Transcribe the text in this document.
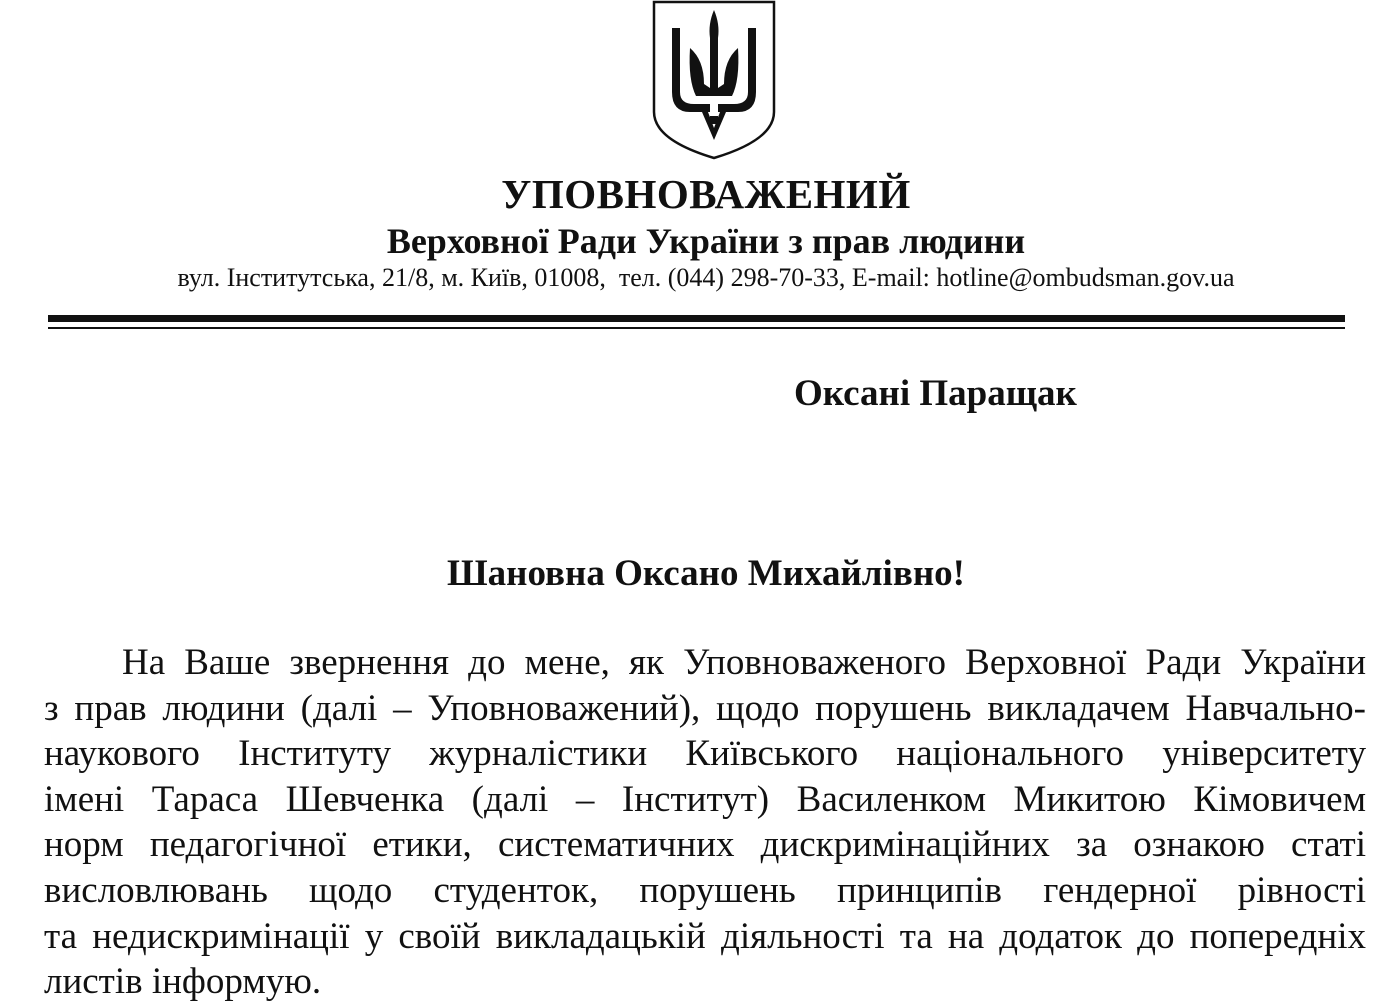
УПОВНОВАЖЕНИЙ
Верховної Ради України з прав людини
вул. Інститутська, 21/8, м. Київ, 01008,  тел. (044) 298-70-33, E-mail: hotline@ombudsman.gov.ua
Оксані Паращак
Шановна Оксано Михайлівно!
На Ваше звернення до мене, як Уповноваженого Верховної Ради України
з прав людини (далі – Уповноважений), щодо порушень викладачем Навчально-
наукового Інституту журналістики Київського національного університету
імені Тараса Шевченка (далі – Інститут) Василенком Микитою Кімовичем
норм педагогічної етики, систематичних дискримінаційних за ознакою статі
висловлювань щодо студенток, порушень принципів гендерної рівності
та недискримінації у своїй викладацькій діяльності та на додаток до попередніх
листів інформую.
